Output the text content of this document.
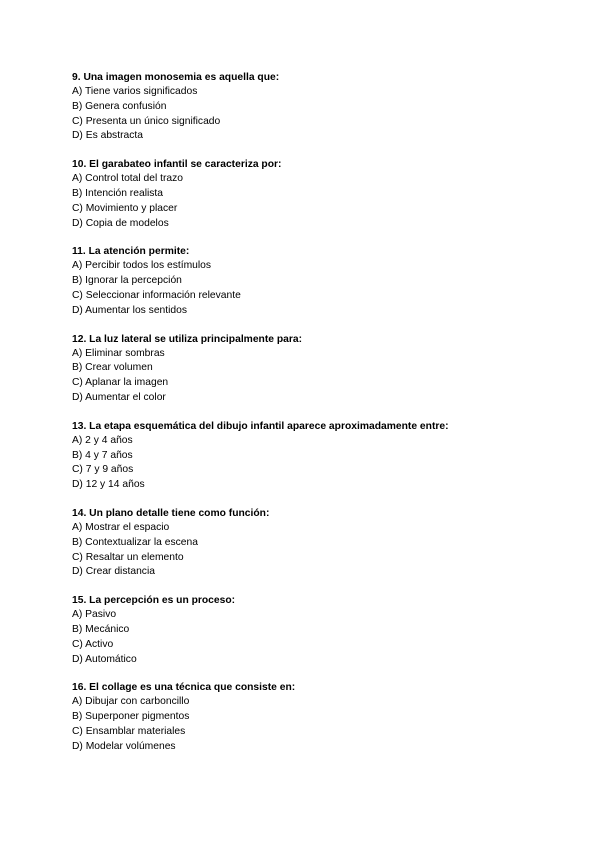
9. Una imagen monosemia es aquella que:
A) Tiene varios significados
B) Genera confusión
C) Presenta un único significado
D) Es abstracta
10. El garabateo infantil se caracteriza por:
A) Control total del trazo
B) Intención realista
C) Movimiento y placer
D) Copia de modelos
11. La atención permite:
A) Percibir todos los estímulos
B) Ignorar la percepción
C) Seleccionar información relevante
D) Aumentar los sentidos
12. La luz lateral se utiliza principalmente para:
A) Eliminar sombras
B) Crear volumen
C) Aplanar la imagen
D) Aumentar el color
13. La etapa esquemática del dibujo infantil aparece aproximadamente entre:
A) 2 y 4 años
B) 4 y 7 años
C) 7 y 9 años
D) 12 y 14 años
14. Un plano detalle tiene como función:
A) Mostrar el espacio
B) Contextualizar la escena
C) Resaltar un elemento
D) Crear distancia
15. La percepción es un proceso:
A) Pasivo
B) Mecánico
C) Activo
D) Automático
16. El collage es una técnica que consiste en:
A) Dibujar con carboncillo
B) Superponer pigmentos
C) Ensamblar materiales
D) Modelar volúmenes
